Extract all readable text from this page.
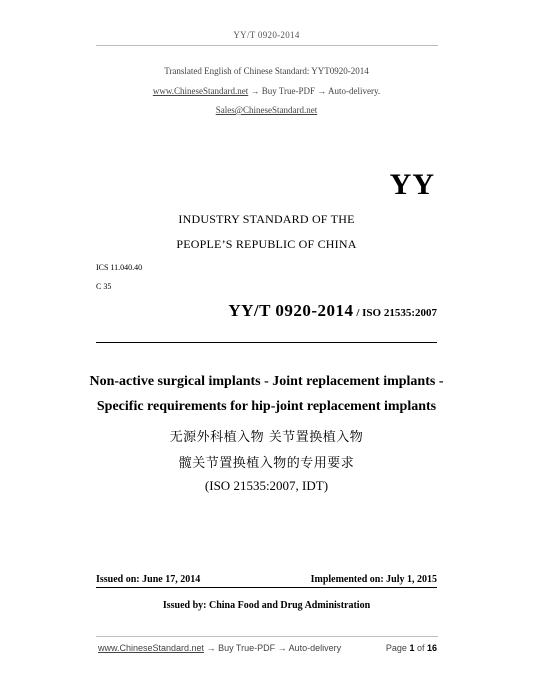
YY/T 0920-2014
Translated English of Chinese Standard: YYT0920-2014
www.ChineseStandard.net → Buy True-PDF → Auto-delivery.
Sales@ChineseStandard.net
YY
INDUSTRY STANDARD OF THE
PEOPLE’S REPUBLIC OF CHINA
ICS 11.040.40
C 35
YY/T 0920-2014 / ISO 21535:2007
Non-active surgical implants - Joint replacement implants -
Specific requirements for hip-joint replacement implants
无源外科植入物 关节置换植入物
髋关节置换植入物的专用要求
(ISO 21535:2007, IDT)
Issued on: June 17, 2014	Implemented on: July 1, 2015
Issued by: China Food and Drug Administration
www.ChineseStandard.net → Buy True-PDF → Auto-delivery	Page 1 of 16
